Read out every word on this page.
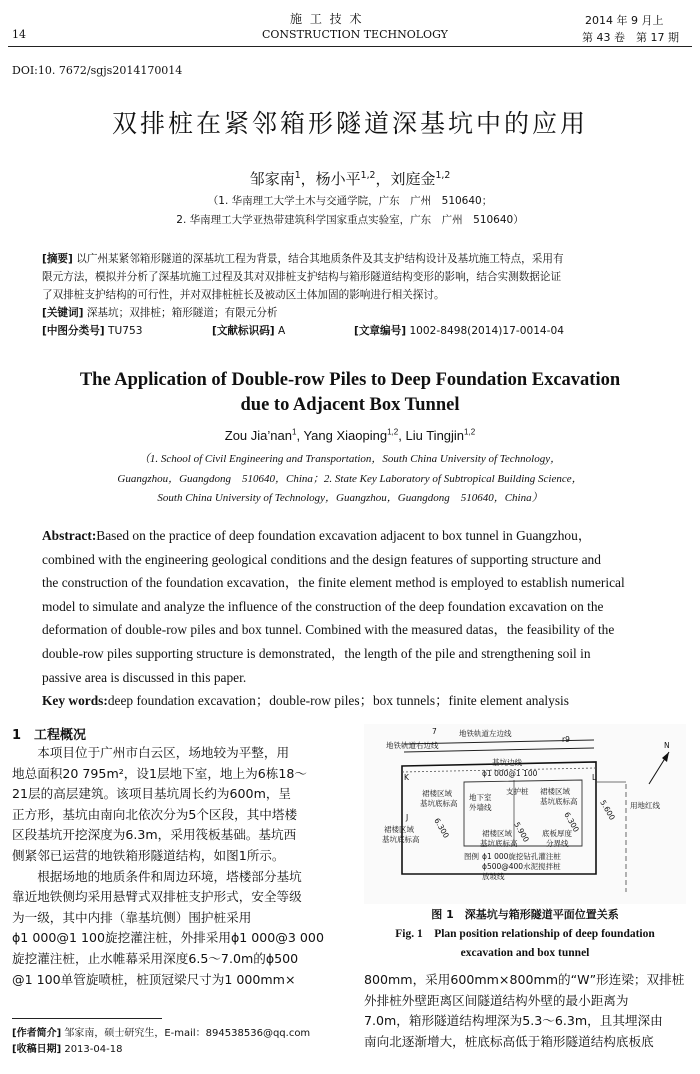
14
施 工 技 术
CONSTRUCTION TECHNOLOGY
2014 年 9 月上
第 43 卷　第 17 期
DOI:10. 7672/sgjs2014170014
双排桩在紧邻箱形隧道深基坑中的应用
邹家南$^1$，杨小平$^{1,2}$，刘庭金$^{1,2}$
（1. 华南理工大学土木与交通学院，广东　广州　510640；
2. 华南理工大学亚热带建筑科学国家重点实验室，广东　广州　510640）
[摘要] 以广州某紧邻箱形隧道的深基坑工程为背景，结合其地质条件及其支护结构设计及基坑施工特点，采用有
限元方法，模拟并分析了深基坑施工过程及其对双排桩支护结构与箱形隧道结构变形的影响，结合实测数据论证
了双排桩支护结构的可行性，并对双排桩桩长及被动区土体加固的影响进行相关探讨。
[关键词] 深基坑；双排桩；箱形隧道；有限元分析
[中图分类号] TU753	[文献标识码] A	[文章编号] 1002-8498(2014)17-0014-04
The Application of Double-row Piles to Deep Foundation Excavation
due to Adjacent Box Tunnel
Zou Jia’nan$^1$, Yang Xiaoping$^{1,2}$, Liu Tingjin$^{1,2}$
（1. School of Civil Engineering and Transportation，South China University of Technology，
Guangzhou，Guangdong　510640，China；2. State Key Laboratory of Subtropical Building Science，
South China University of Technology，Guangzhou，Guangdong　510640，China）
Abstract:Based on the practice of deep foundation excavation adjacent to box tunnel in Guangzhou，
combined with the engineering geological conditions and the design features of supporting structure and
the construction of the foundation excavation，the finite element method is employed to establish numerical
model to simulate and analyze the influence of the construction of the deep foundation excavation on the
deformation of double-row piles and box tunnel. Combined with the measured datas，the feasibility of the
double-row piles supporting structure is demonstrated，the length of the pile and strengthening soil in
passive area is discussed in this paper.
Key words:deep foundation excavation；double-row piles；box tunnels；finite element analysis
1　工程概况
　　本项目位于广州市白云区，场地较为平整，用
地总面积20 795m²，设1层地下室，地上为6栋18～
21层的高层建筑。该项目基坑周长约为600m，呈
正方形，基坑由南向北依次分为5个区段，其中塔楼
区段基坑开挖深度为6.3m，采用筏板基础。基坑西
侧紧邻已运营的地铁箱形隧道结构，如图1所示。
　　根据场地的地质条件和周边环境，塔楼部分基坑
靠近地铁侧均采用悬臂式双排桩支护形式，安全等级
为一级，其中内排（靠基坑侧）围护桩采用
ϕ1 000@1 100旋挖灌注桩，外排采用ϕ1 000@3 000
旋挖灌注桩，止水帷幕采用深度6.5～7.0m的ϕ500
@1 100单管旋喷桩，桩顶冠梁尺寸为1 000mm×
地铁轨道左边线
地铁轨道右边线
7
r9
基坑边线
ϕ1 000@1 100
裙楼区域
基坑底标高
地下室
外墙线
支护桩 裙楼区域
基坑底标高	用地红线
裙楼区域
基坑底标高
裙楼区域
基坑底标高
底板厚度
分界线
图例 ϕ1 000旋挖钻孔灌注桩
ϕ500@400水泥搅拌桩
放坡线
N
K	L
J	6.300	5.900	6.300
5.600
图 1　深基坑与箱形隧道平面位置关系
Fig. 1　Plan position relationship of deep foundation
excavation and box tunnel
800mm，采用600mm×800mm的“W”形连梁；双排桩
外排桩外壁距离区间隧道结构外壁的最小距离为
7.0m，箱形隧道结构埋深为5.3～6.3m，且其埋深由
南向北逐渐增大，桩底标高低于箱形隧道结构底板底
[作者简介] 邹家南，硕士研究生，E-mail：894538536@qq.com
[收稿日期] 2013-04-18
